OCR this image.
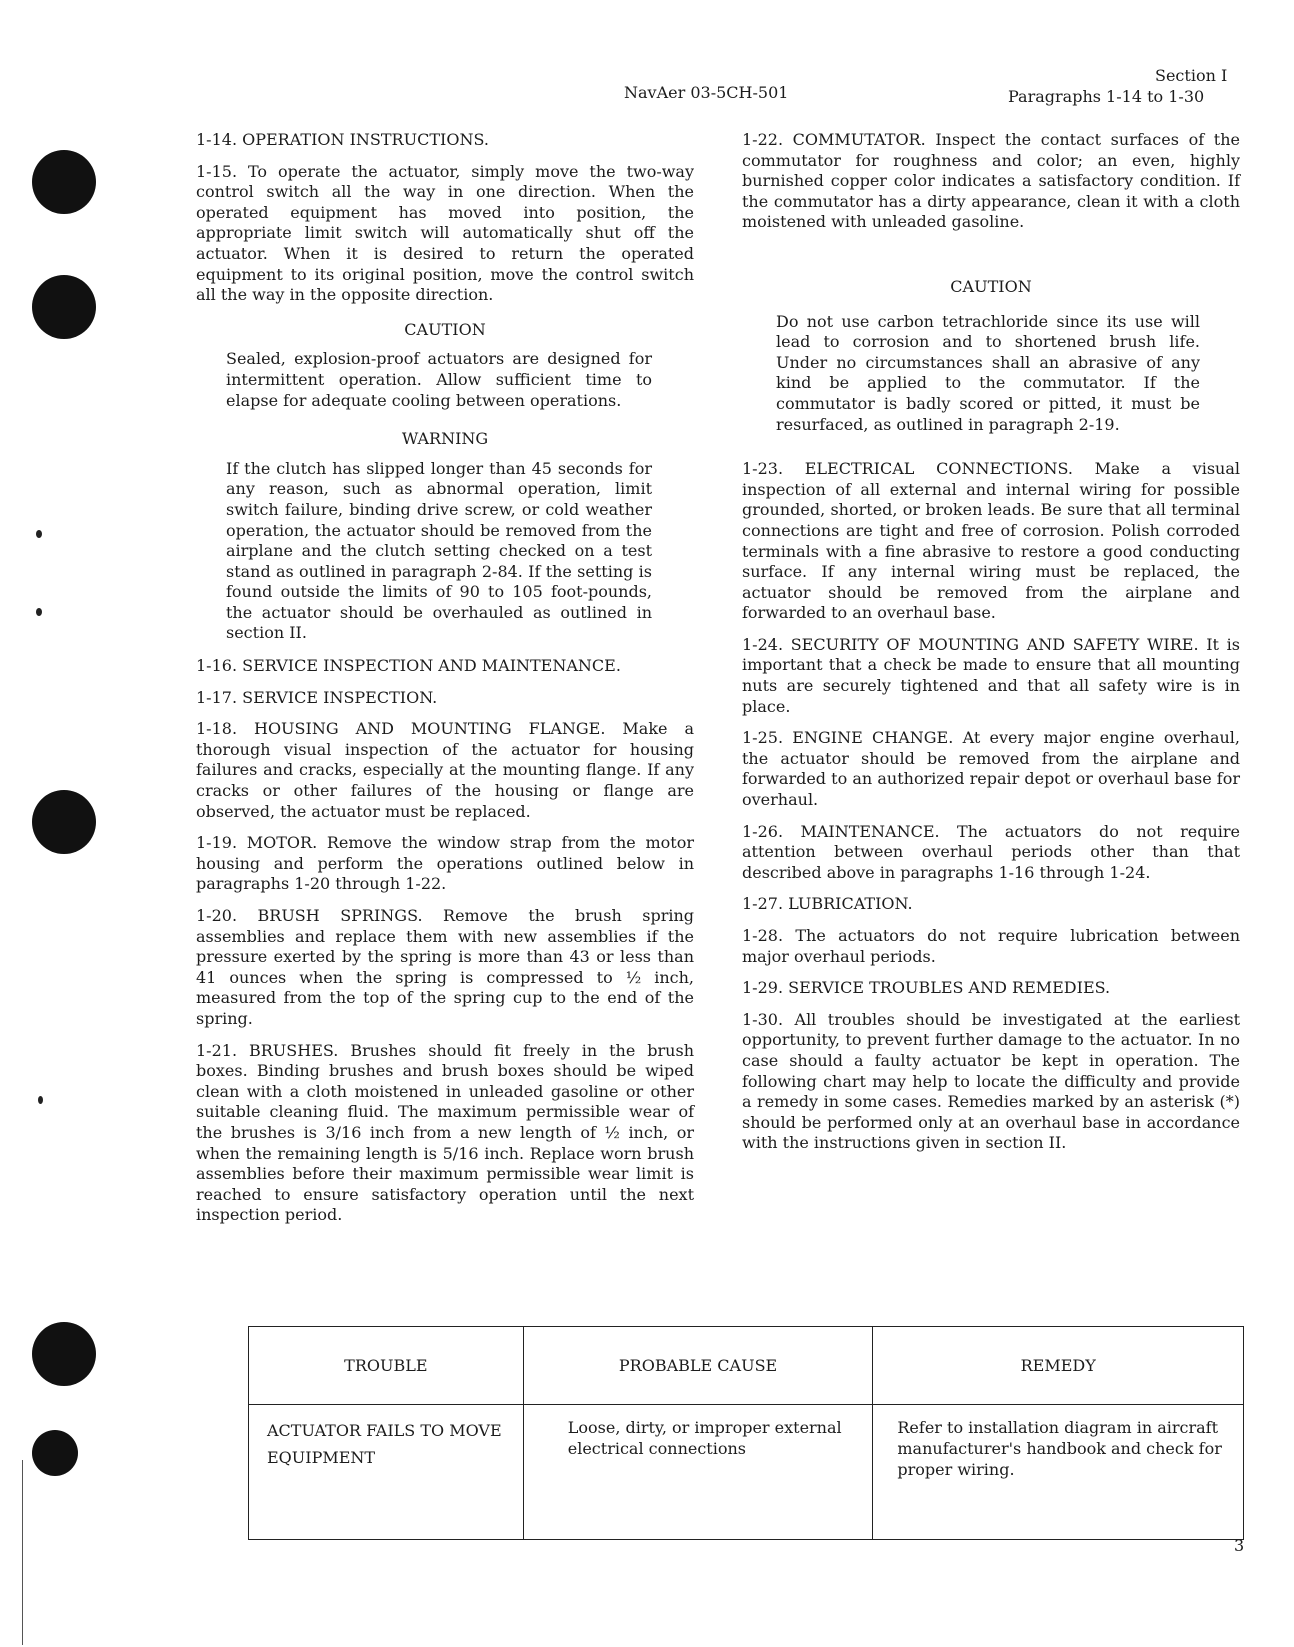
NavAer 03-5CH-501
Section I
Paragraphs 1-14 to 1-30

1-14. OPERATION INSTRUCTIONS.

1-15. To operate the actuator, simply move the two-way control switch all the way in one direction. When the operated equipment has moved into position, the appropriate limit switch will automatically shut off the actuator. When it is desired to return the operated equipment to its original position, move the control switch all the way in the opposite direction.

CAUTION
Sealed, explosion-proof actuators are designed for intermittent operation. Allow sufficient time to elapse for adequate cooling between operations.
WARNING
If the clutch has slipped longer than 45 seconds for any reason, such as abnormal operation, limit switch failure, binding drive screw, or cold weather operation, the actuator should be removed from the airplane and the clutch setting checked on a test stand as outlined in paragraph 2-84. If the setting is found outside the limits of 90 to 105 foot-pounds, the actuator should be overhauled as outlined in section II.

1-16. SERVICE INSPECTION AND MAINTENANCE.

1-17. SERVICE INSPECTION.

1-18. HOUSING AND MOUNTING FLANGE. Make a thorough visual inspection of the actuator for housing failures and cracks, especially at the mounting flange. If any cracks or other failures of the housing or flange are observed, the actuator must be replaced.

1-19. MOTOR. Remove the window strap from the motor housing and perform the operations outlined below in paragraphs 1-20 through 1-22.

1-20. BRUSH SPRINGS. Remove the brush spring assemblies and replace them with new assemblies if the pressure exerted by the spring is more than 43 or less than 41 ounces when the spring is compressed to ½ inch, measured from the top of the spring cup to the end of the spring.

1-21. BRUSHES. Brushes should fit freely in the brush boxes. Binding brushes and brush boxes should be wiped clean with a cloth moistened in unleaded gasoline or other suitable cleaning fluid. The maximum permissible wear of the brushes is 3/16 inch from a new length of ½ inch, or when the remaining length is 5/16 inch. Replace worn brush assemblies before their maximum permissible wear limit is reached to ensure satisfactory operation until the next inspection period.

1-22. COMMUTATOR. Inspect the contact surfaces of the commutator for roughness and color; an even, highly burnished copper color indicates a satisfactory condition. If the commutator has a dirty appearance, clean it with a cloth moistened with unleaded gasoline.

CAUTION
Do not use carbon tetrachloride since its use will lead to corrosion and to shortened brush life. Under no circumstances shall an abrasive of any kind be applied to the commutator. If the commutator is badly scored or pitted, it must be resurfaced, as outlined in paragraph 2-19.

1-23. ELECTRICAL CONNECTIONS. Make a visual inspection of all external and internal wiring for possible grounded, shorted, or broken leads. Be sure that all terminal connections are tight and free of corrosion. Polish corroded terminals with a fine abrasive to restore a good conducting surface. If any internal wiring must be replaced, the actuator should be removed from the airplane and forwarded to an overhaul base.

1-24. SECURITY OF MOUNTING AND SAFETY WIRE. It is important that a check be made to ensure that all mounting nuts are securely tightened and that all safety wire is in place.

1-25. ENGINE CHANGE. At every major engine overhaul, the actuator should be removed from the airplane and forwarded to an authorized repair depot or overhaul base for overhaul.

1-26. MAINTENANCE. The actuators do not require attention between overhaul periods other than that described above in paragraphs 1-16 through 1-24.

1-27. LUBRICATION.

1-28. The actuators do not require lubrication between major overhaul periods.

1-29. SERVICE TROUBLES AND REMEDIES.

1-30. All troubles should be investigated at the earliest opportunity, to prevent further damage to the actuator. In no case should a faulty actuator be kept in operation. The following chart may help to locate the difficulty and provide a remedy in some cases. Remedies marked by an asterisk (*) should be performed only at an overhaul base in accordance with the instructions given in section II.

TROUBLE	PROBABLE CAUSE	REMEDY
ACTUATOR FAILS TO MOVE EQUIPMENT	Loose, dirty, or improper external electrical connections	Refer to installation diagram in aircraft manufacturer's handbook and check for proper wiring.
3
